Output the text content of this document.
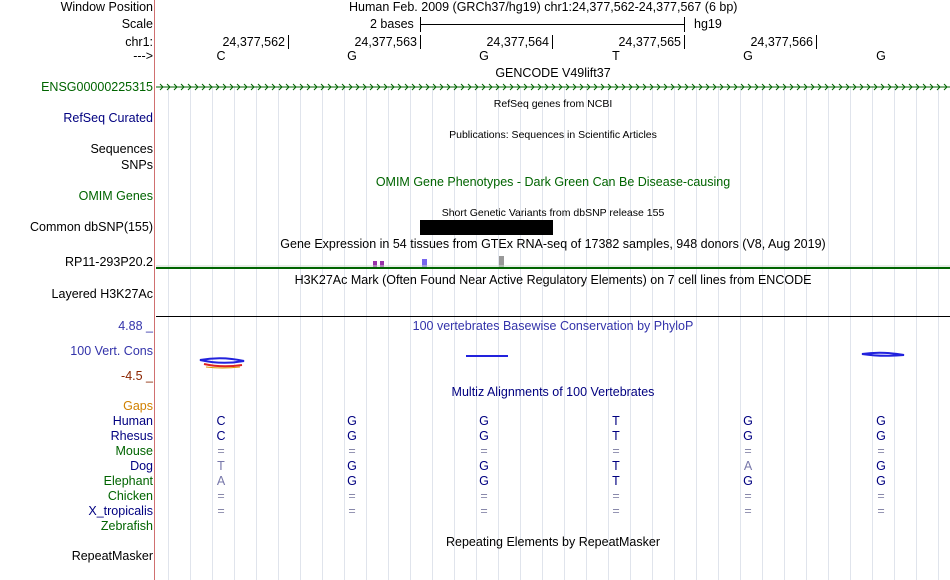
Window Position	Human Feb. 2009 (GRCh37/hg19) chr1:24,377,562-24,377,567 (6 bp)
Scale	2 bases	hg19
chr1:	24,377,562	24,377,563	24,377,564	24,377,565	24,377,566
--->	C	G	G	T	G	G
GENCODE V49lift37
ENSG00000225315
RefSeq genes from NCBI
RefSeq Curated
Publications: Sequences in Scientific Articles
Sequences
SNPs
OMIM Gene Phenotypes - Dark Green Can Be Disease-causing
OMIM Genes
Short Genetic Variants from dbSNP release 155
Common dbSNP(155)
Gene Expression in 54 tissues from GTEx RNA-seq of 17382 samples, 948 donors (V8, Aug 2019)
RP11-293P20.2
H3K27Ac Mark (Often Found Near Active Regulatory Elements) on 7 cell lines from ENCODE
Layered H3K27Ac
4.88 _	100 vertebrates Basewise Conservation by PhyloP
100 Vert. Cons
-4.5 _
Multiz Alignments of 100 Vertebrates
Gaps
Human	C	G	G	T	G	G
Rhesus	C	G	G	T	G	G
Mouse	=	=	=	=	=	=
Dog	T	G	G	T	A	G
Elephant	A	G	G	T	G	G
Chicken	=	=	=	=	=	=
X_tropicalis	=	=	=	=	=	=
Zebrafish
Repeating Elements by RepeatMasker
RepeatMasker
